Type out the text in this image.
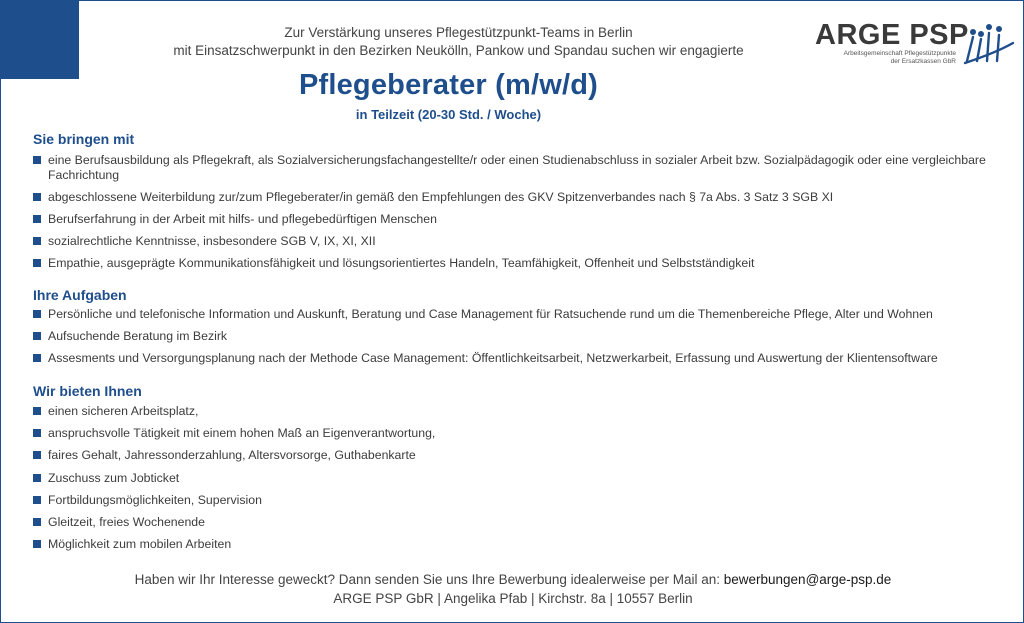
Zur Verstärkung unseres Pflegestützpunkt-Teams in Berlin
mit Einsatzschwerpunkt in den Bezirken Neukölln, Pankow und Spandau suchen wir engagierte
Pflegeberater (m/w/d)
in Teilzeit (20-30 Std. / Woche)
ARGE PSP
Arbeitsgemeinschaft Pflegestützpunkte
der Ersatzkassen GbR
Sie bringen mit
eine Berufsausbildung als Pflegekraft, als Sozialversicherungsfachangestellte/r oder einen Studienabschluss in sozialer Arbeit bzw. Sozialpädagogik oder eine vergleichbare Fachrichtung
abgeschlossene Weiterbildung zur/zum Pflegeberater/in gemäß den Empfehlungen des GKV Spitzenverbandes nach § 7a Abs. 3 Satz 3 SGB XI
Berufserfahrung in der Arbeit mit hilfs- und pflegebedürftigen Menschen
sozialrechtliche Kenntnisse, insbesondere SGB V, IX, XI, XII
Empathie, ausgeprägte Kommunikationsfähigkeit und lösungsorientiertes Handeln, Teamfähigkeit, Offenheit und Selbstständigkeit
Ihre Aufgaben
Persönliche und telefonische Information und Auskunft, Beratung und Case Management für Ratsuchende rund um die Themenbereiche Pflege, Alter und Wohnen
Aufsuchende Beratung im Bezirk
Assesments und Versorgungsplanung nach der Methode Case Management: Öffentlichkeitsarbeit, Netzwerkarbeit, Erfassung und Auswertung der Klientensoftware
Wir bieten Ihnen
einen sicheren Arbeitsplatz,
anspruchsvolle Tätigkeit mit einem hohen Maß an Eigenverantwortung,
faires Gehalt, Jahressonderzahlung, Altersvorsorge, Guthabenkarte
Zuschuss zum Jobticket
Fortbildungsmöglichkeiten, Supervision
Gleitzeit, freies Wochenende
Möglichkeit zum mobilen Arbeiten
Haben wir Ihr Interesse geweckt? Dann senden Sie uns Ihre Bewerbung idealerweise per Mail an: bewerbungen@arge-psp.de
ARGE PSP GbR | Angelika Pfab | Kirchstr. 8a | 10557 Berlin
